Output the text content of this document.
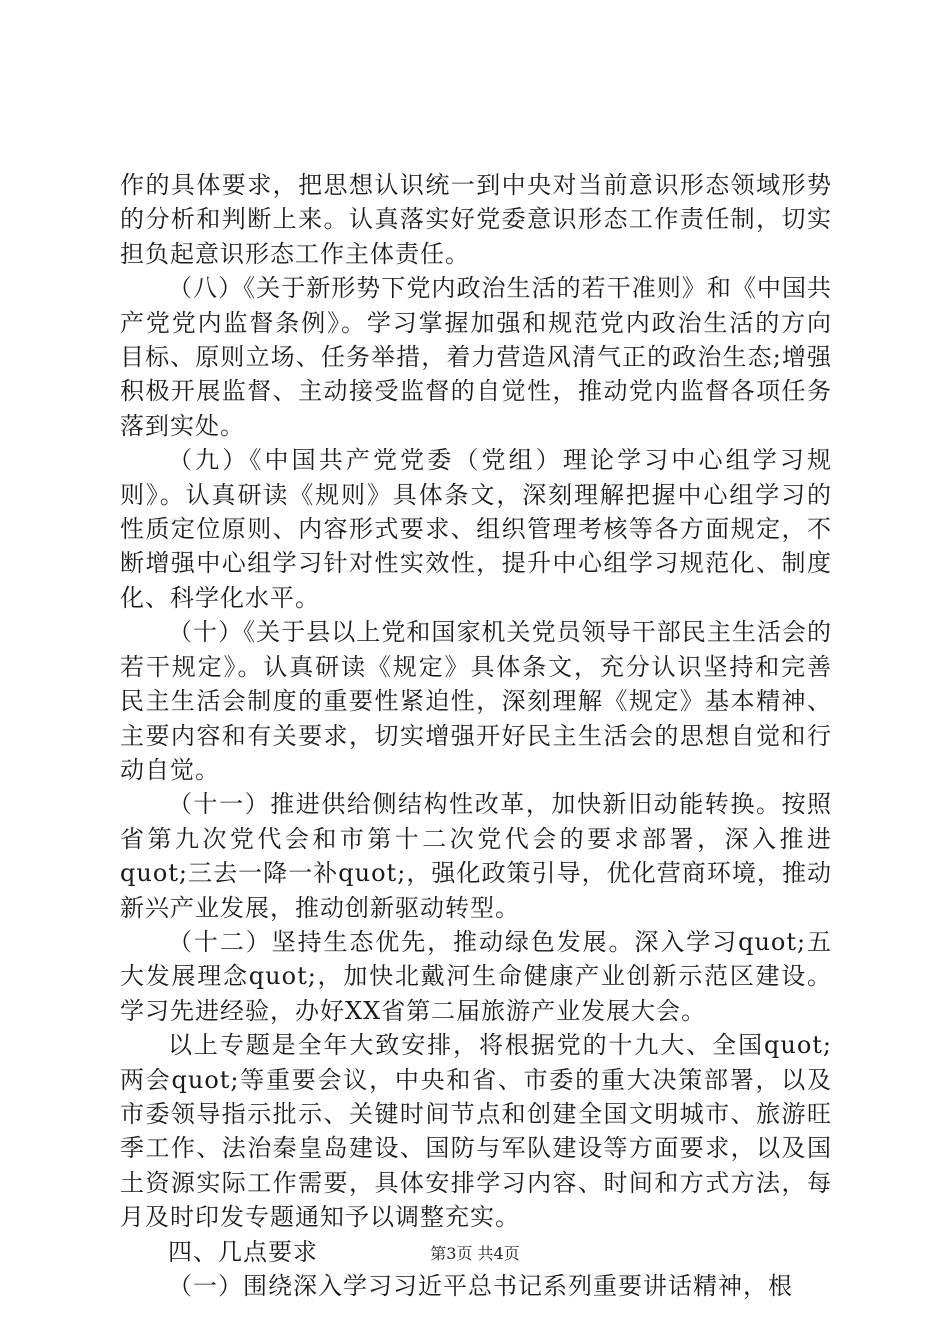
作的具体要求，把思想认识统一到中央对当前意识形态领域形势的分析和判断上来。认真落实好党委意识形态工作责任制，切实担负起意识形态工作主体责任。

（八）《关于新形势下党内政治生活的若干准则》和《中国共产党党内监督条例》。学习掌握加强和规范党内政治生活的方向目标、原则立场、任务举措，着力营造风清气正的政治生态;增强积极开展监督、主动接受监督的自觉性，推动党内监督各项任务落到实处。

（九）《中国共产党党委（党组）理论学习中心组学习规则》。认真研读《规则》具体条文，深刻理解把握中心组学习的性质定位原则、内容形式要求、组织管理考核等各方面规定，不断增强中心组学习针对性实效性，提升中心组学习规范化、制度化、科学化水平。

（十）《关于县以上党和国家机关党员领导干部民主生活会的若干规定》。认真研读《规定》具体条文，充分认识坚持和完善民主生活会制度的重要性紧迫性，深刻理解《规定》基本精神、主要内容和有关要求，切实增强开好民主生活会的思想自觉和行动自觉。

（十一）推进供给侧结构性改革，加快新旧动能转换。按照省第九次党代会和市第十二次党代会的要求部署，深入推进quot;三去一降一补quot;，强化政策引导，优化营商环境，推动新兴产业发展，推动创新驱动转型。

（十二）坚持生态优先，推动绿色发展。深入学习quot;五大发展理念quot;，加快北戴河生命健康产业创新示范区建设。学习先进经验，办好XX省第二届旅游产业发展大会。

以上专题是全年大致安排，将根据党的十九大、全国quot;两会quot;等重要会议，中央和省、市委的重大决策部署，以及市委领导指示批示、关键时间节点和创建全国文明城市、旅游旺季工作、法治秦皇岛建设、国防与军队建设等方面要求，以及国土资源实际工作需要，具体安排学习内容、时间和方式方法，每月及时印发专题通知予以调整充实。

四、几点要求

（一）围绕深入学习习近平总书记系列重要讲话精神，根

第3页 共4页
